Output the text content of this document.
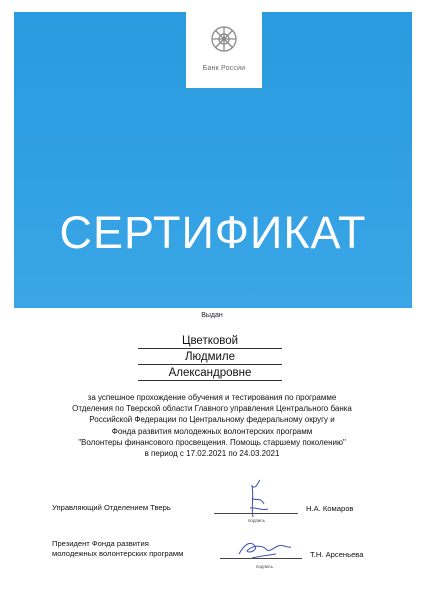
Банк России
СЕРТИФИКАТ
Выдан
Цветковой
Людмиле
Александровне
за успешное прохождение обучения и тестирования по программе
Отделения по Тверской области Главного управления Центрального банка
Российской Федерации по Центральному федеральному округу и
Фонда развития молодежных волонтерских программ
"Волонтеры финансового просвещения. Помощь старшему поколению"
в период с 17.02.2021 по 24.03.2021
Управляющий Отделением Тверь
подпись
Н.А. Комаров
Президент Фонда развития
молодежных волонтерских программ
подпись
Т.Н. Арсеньева
